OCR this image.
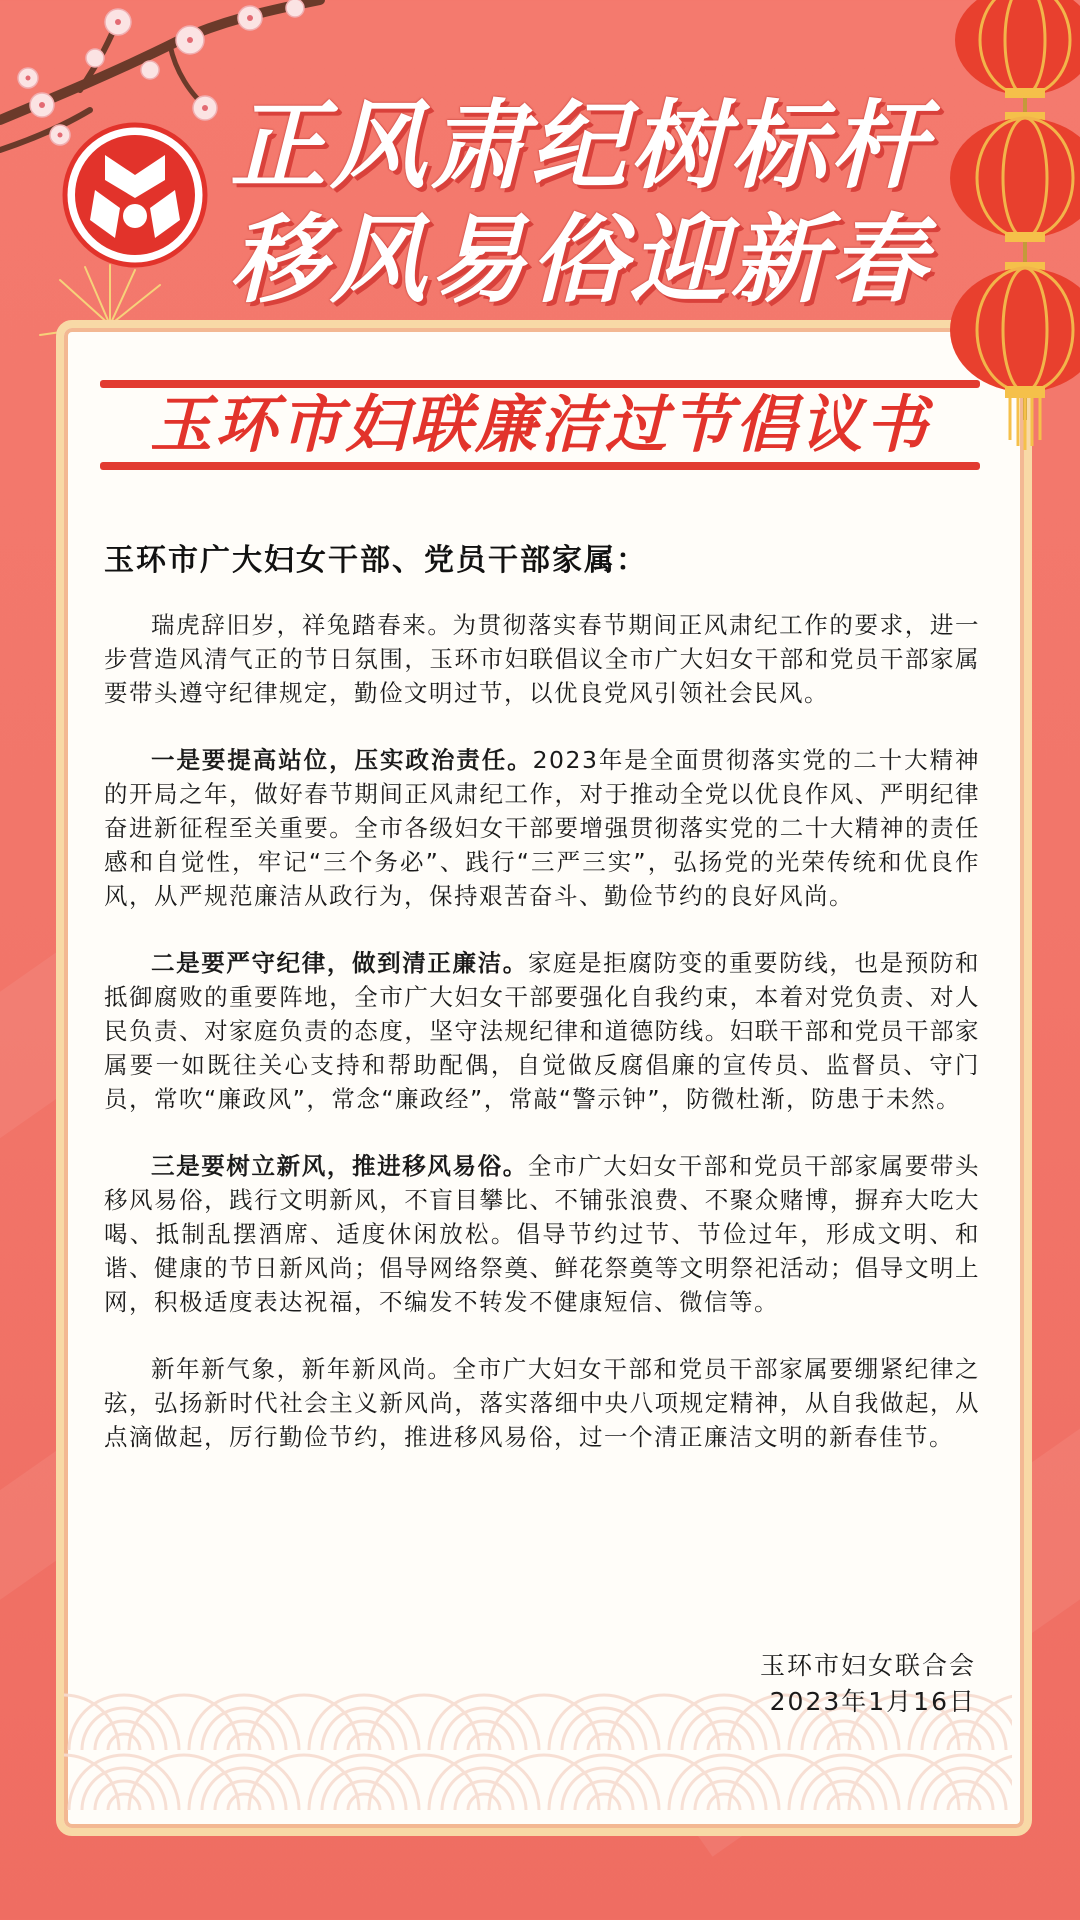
正风肃纪树标杆
移风易俗迎新春
玉环市妇联廉洁过节倡议书
玉环市广大妇女干部、党员干部家属：

瑞虎辞旧岁，祥兔踏春来。为贯彻落实春节期间正风肃纪工作的要求，进一步营造风清气正的节日氛围，玉环市妇联倡议全市广大妇女干部和党员干部家属要带头遵守纪律规定，勤俭文明过节，以优良党风引领社会民风。

一是要提高站位，压实政治责任。2023年是全面贯彻落实党的二十大精神的开局之年，做好春节期间正风肃纪工作，对于推动全党以优良作风、严明纪律奋进新征程至关重要。全市各级妇女干部要增强贯彻落实党的二十大精神的责任感和自觉性，牢记“三个务必”、践行“三严三实”，弘扬党的光荣传统和优良作风，从严规范廉洁从政行为，保持艰苦奋斗、勤俭节约的良好风尚。

二是要严守纪律，做到清正廉洁。家庭是拒腐防变的重要防线，也是预防和抵御腐败的重要阵地，全市广大妇女干部要强化自我约束，本着对党负责、对人民负责、对家庭负责的态度，坚守法规纪律和道德防线。妇联干部和党员干部家属要一如既往关心支持和帮助配偶，自觉做反腐倡廉的宣传员、监督员、守门员，常吹“廉政风”，常念“廉政经”，常敲“警示钟”，防微杜渐，防患于未然。

三是要树立新风，推进移风易俗。全市广大妇女干部和党员干部家属要带头移风易俗，践行文明新风，不盲目攀比、不铺张浪费、不聚众赌博，摒弃大吃大喝、抵制乱摆酒席、适度休闲放松。倡导节约过节、节俭过年，形成文明、和谐、健康的节日新风尚；倡导网络祭奠、鲜花祭奠等文明祭祀活动；倡导文明上网，积极适度表达祝福，不编发不转发不健康短信、微信等。

新年新气象，新年新风尚。全市广大妇女干部和党员干部家属要绷紧纪律之弦，弘扬新时代社会主义新风尚，落实落细中央八项规定精神，从自我做起，从点滴做起，厉行勤俭节约，推进移风易俗，过一个清正廉洁文明的新春佳节。

玉环市妇女联合会
2023年1月16日
